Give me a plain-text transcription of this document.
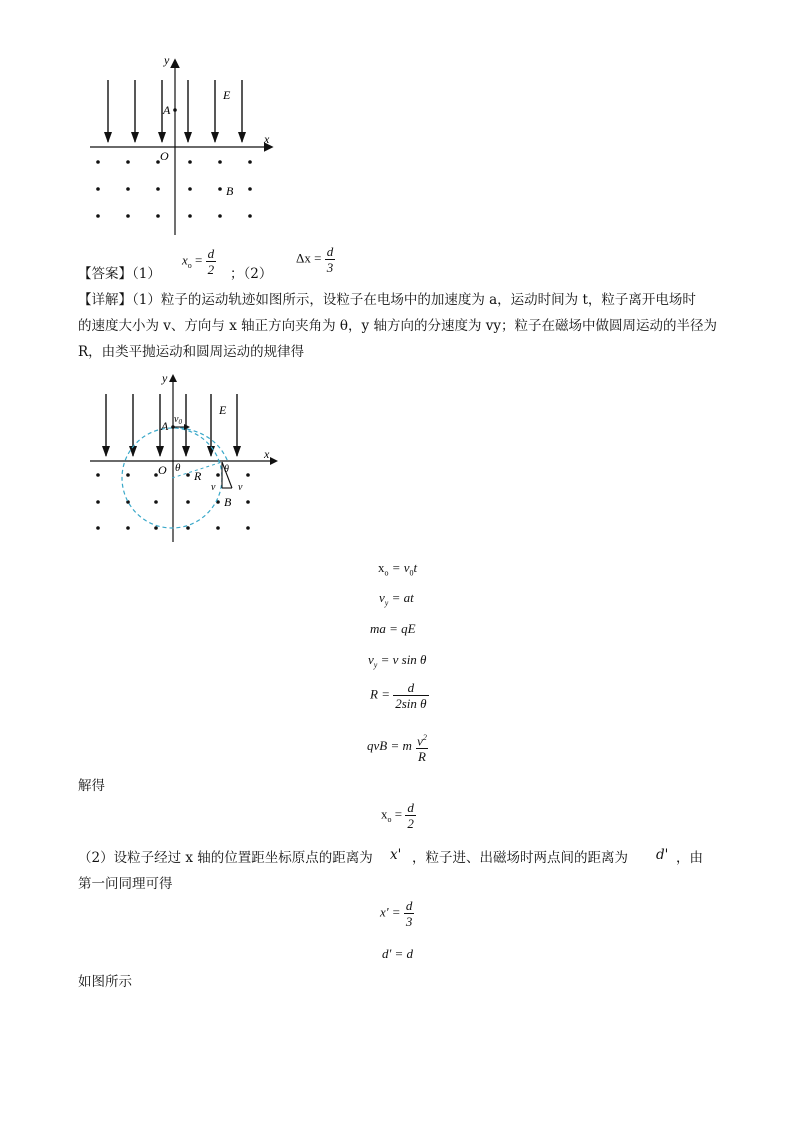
y
x
A
E
O
B
【答案】（1）
$x_o = \frac{d}{2}$ ；（2）
$\Delta x = \frac{d}{3}$
【详解】（1）粒子的运动轨迹如图所示，设粒子在电场中的加速度为 a，运动时间为 t，粒子离开电场时
的速度大小为 v、方向与 x 轴正方向夹角为 θ，y 轴方向的分速度为 vy；粒子在磁场中做圆周运动的半径为
R，由类平抛运动和圆周运动的规律得
y
x
A $v_0$
E
O θ	θ
R
v v
B
$x_o = v_0t$
$v_y$ = at
ma = qE
$v_y = v$ sin θ
$R = \frac{d}{\text{2sin θ}}$
qvB = m $\frac{v^2}{R}$
解得
$x_o = \frac{d}{2}$
（2）设粒子经过 x 轴的位置距坐标原点的距离为 x' ，粒子进、出磁场时两点间的距离为 d' ，由
第一问同理可得
$x' = \frac{d}{3}$
d' = d
如图所示
